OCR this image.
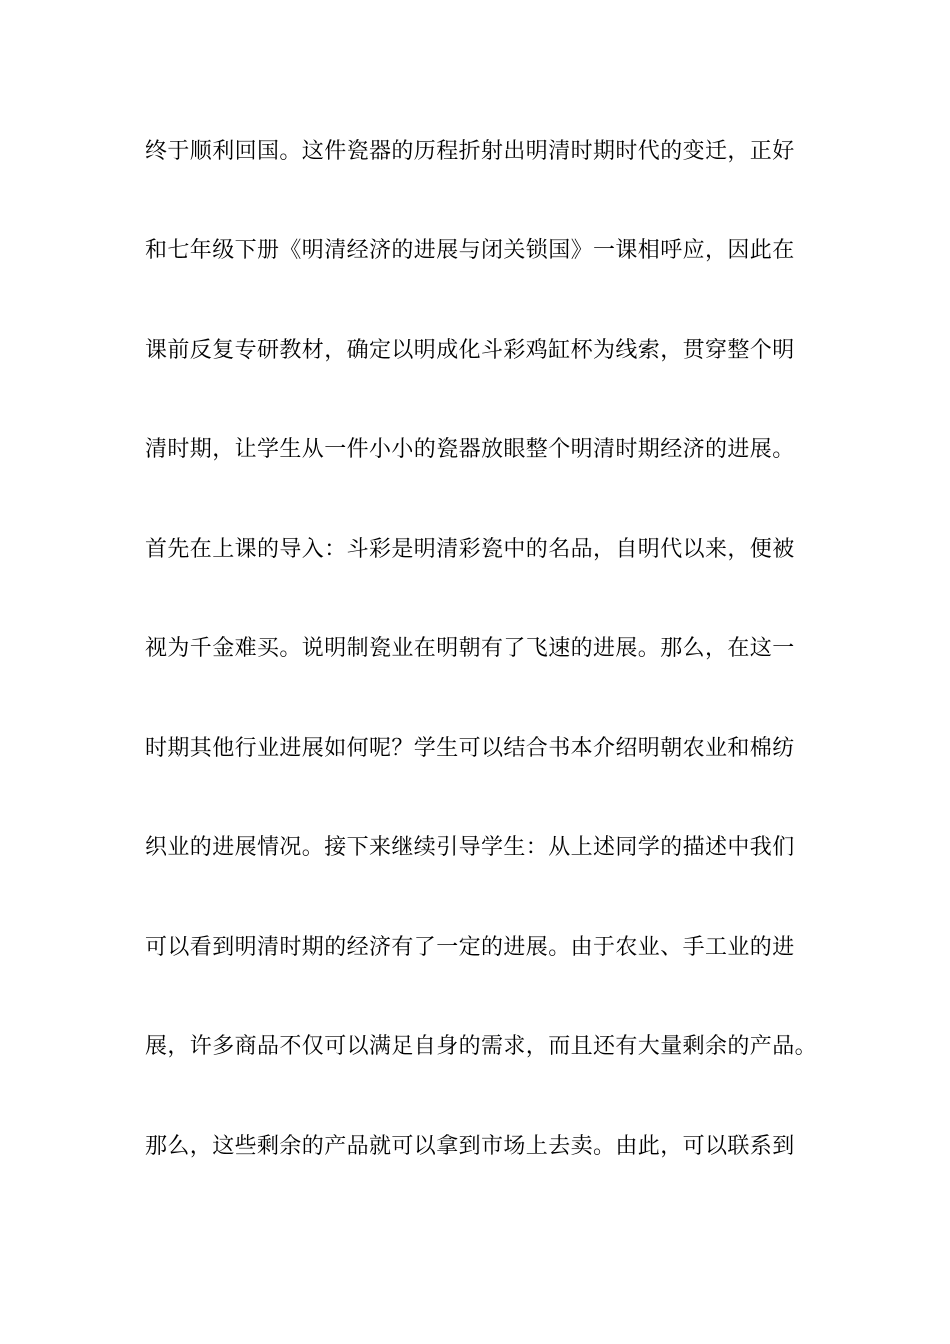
终于顺利回国。这件瓷器的历程折射出明清时期时代的变迁，正好
和七年级下册《明清经济的进展与闭关锁国》一课相呼应，因此在
课前反复专研教材，确定以明成化斗彩鸡缸杯为线索，贯穿整个明
清时期，让学生从一件小小的瓷器放眼整个明清时期经济的进展。
首先在上课的导入：斗彩是明清彩瓷中的名品，自明代以来，便被
视为千金难买。说明制瓷业在明朝有了飞速的进展。那么，在这一
时期其他行业进展如何呢？学生可以结合书本介绍明朝农业和棉纺
织业的进展情况。接下来继续引导学生：从上述同学的描述中我们
可以看到明清时期的经济有了一定的进展。由于农业、手工业的进
展，许多商品不仅可以满足自身的需求，而且还有大量剩余的产品。
那么，这些剩余的产品就可以拿到市场上去卖。由此，可以联系到
